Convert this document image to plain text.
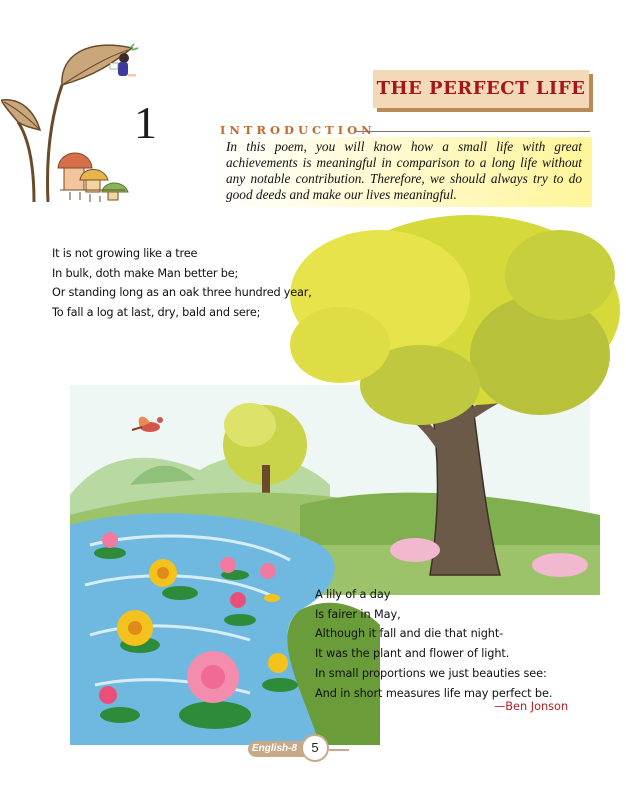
1
THE PERFECT LIFE
INTRODUCTION
In this poem, you will know how a small life with great achievements is meaningful in comparison to a long life without any notable contribution. Therefore, we should always try to do good deeds and make our lives meaningful.
It is not growing like a tree
In bulk, doth make Man better be;
Or standing long as an oak three hundred year,
To fall a log at last, dry, bald and sere;
A lily of a day
Is fairer in May,
Although it fall and die that night-
It was the plant and flower of light.
In small proportions we just beauties see:
And in short measures life may perfect be.
—Ben Jonson
English-8	5
